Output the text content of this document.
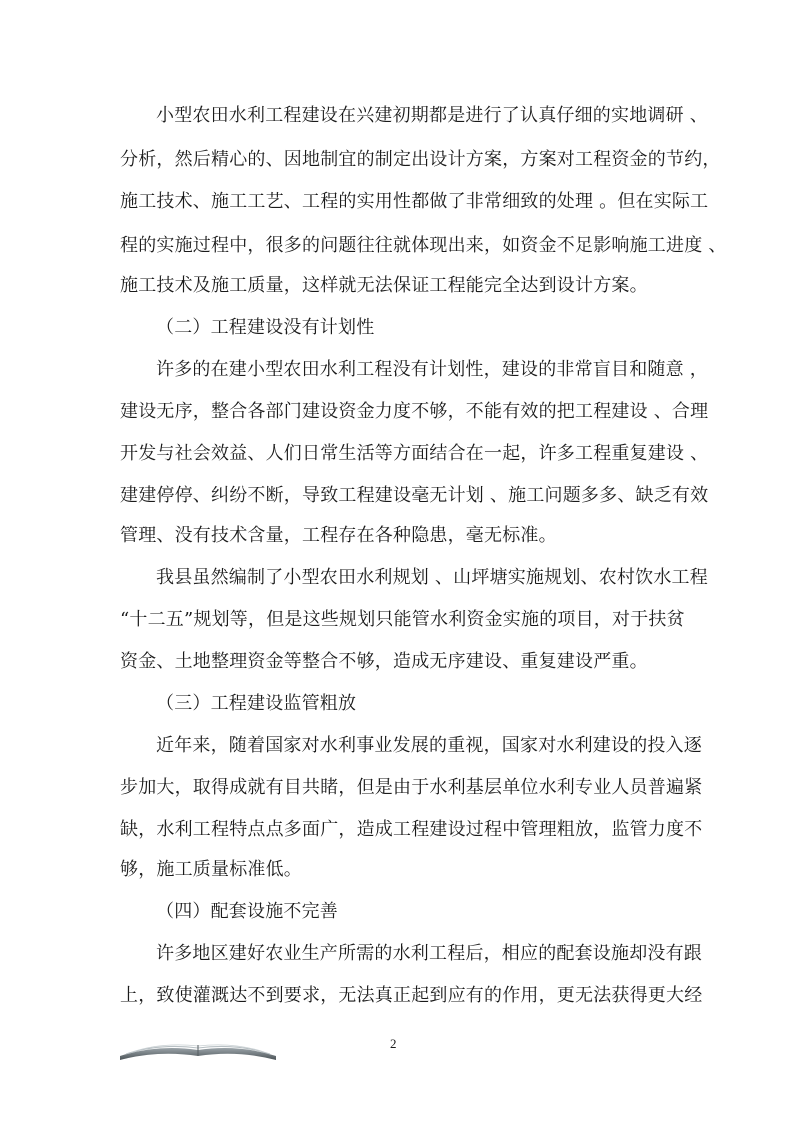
小型农田水利工程建设在兴建初期都是进行了认真仔细的实地调研 、
分析，然后精心的、因地制宜的制定出设计方案，方案对工程资金的节约，
施工技术、施工工艺、工程的实用性都做了非常细致的处理 。但在实际工
程的实施过程中，很多的问题往往就体现出来，如资金不足影响施工进度 、
施工技术及施工质量，这样就无法保证工程能完全达到设计方案。
（二）工程建设没有计划性
许多的在建小型农田水利工程没有计划性，建设的非常盲目和随意 ，
建设无序，整合各部门建设资金力度不够，不能有效的把工程建设 、合理
开发与社会效益、人们日常生活等方面结合在一起，许多工程重复建设 、
建建停停、纠纷不断，导致工程建设毫无计划 、施工问题多多、缺乏有效
管理、没有技术含量，工程存在各种隐患，毫无标准。
我县虽然编制了小型农田水利规划 、山坪塘实施规划、农村饮水工程
“十二五”规划等，但是这些规划只能管水利资金实施的项目，对于扶贫
资金、土地整理资金等整合不够，造成无序建设、重复建设严重。
（三）工程建设监管粗放
近年来，随着国家对水利事业发展的重视，国家对水利建设的投入逐
步加大，取得成就有目共睹，但是由于水利基层单位水利专业人员普遍紧
缺，水利工程特点点多面广，造成工程建设过程中管理粗放，监管力度不
够，施工质量标准低。
（四）配套设施不完善
许多地区建好农业生产所需的水利工程后，相应的配套设施却没有跟
上，致使灌溉达不到要求，无法真正起到应有的作用，更无法获得更大经
2
